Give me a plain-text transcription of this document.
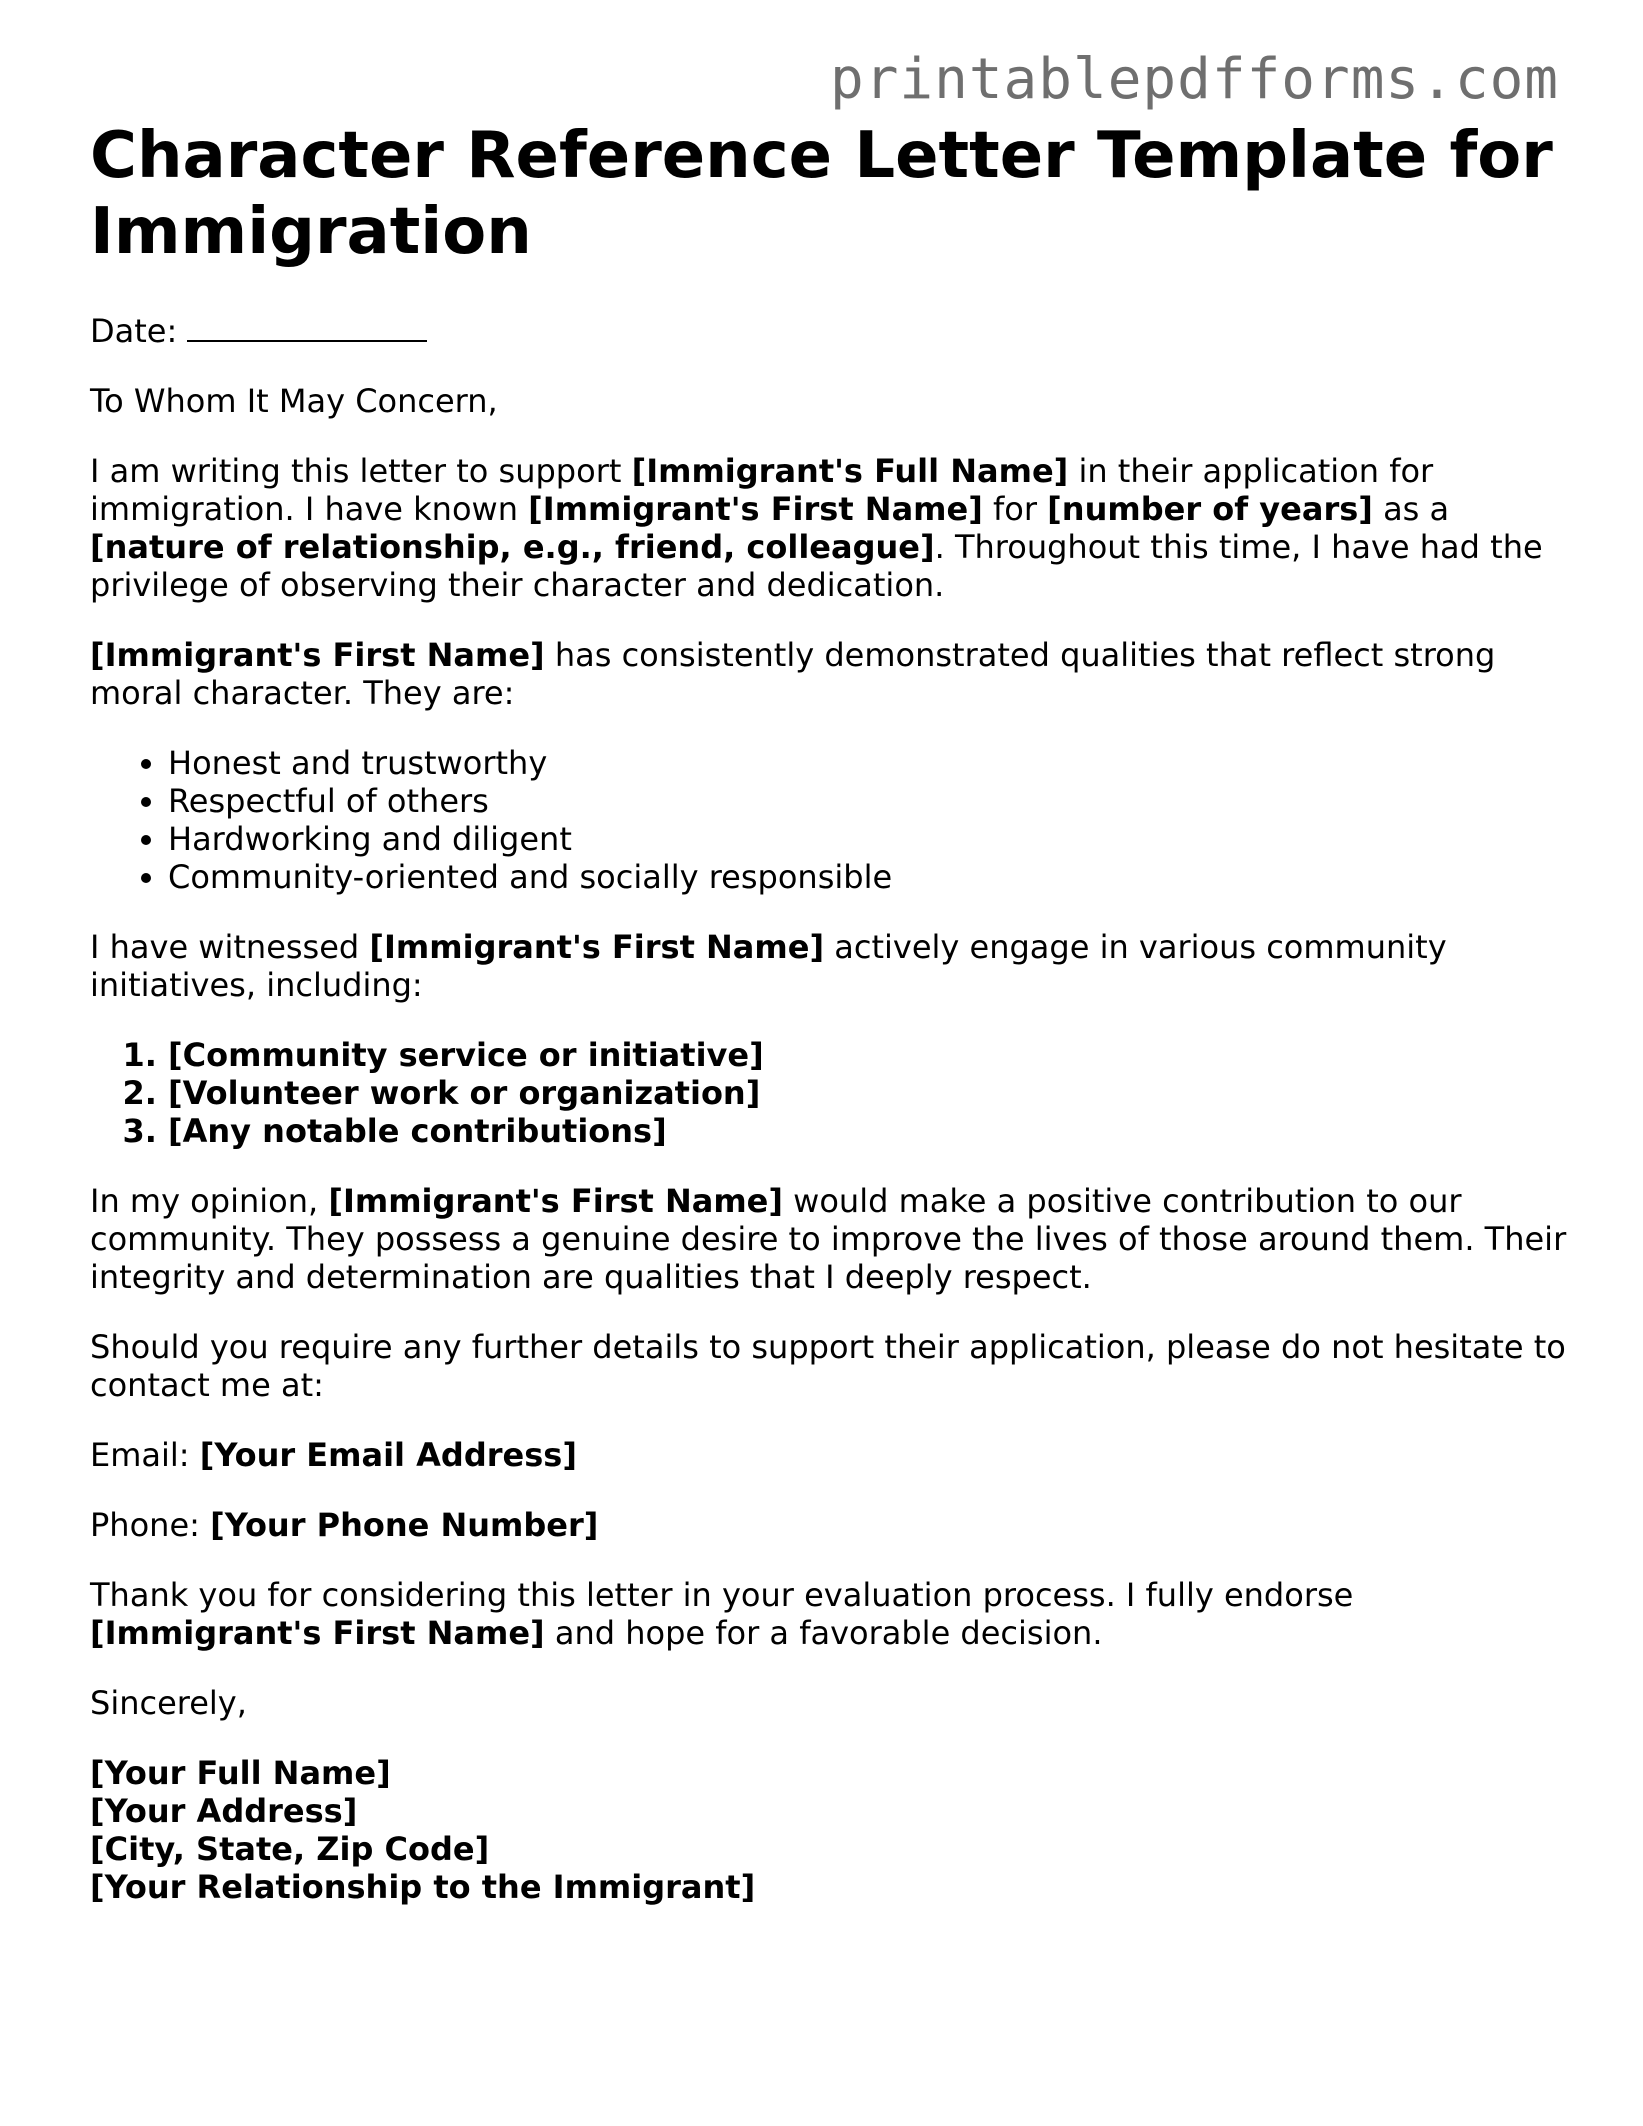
printablepdfforms.com
Character Reference Letter Template for Immigration

Date:

To Whom It May Concern,

I am writing this letter to support [Immigrant's Full Name] in their application for immigration. I have known [Immigrant's First Name] for [number of years] as a [nature of relationship, e.g., friend, colleague]. Throughout this time, I have had the privilege of observing their character and dedication.

[Immigrant's First Name] has consistently demonstrated qualities that reflect strong moral character. They are:

• Honest and trustworthy
• Respectful of others
• Hardworking and diligent
• Community-oriented and socially responsible

I have witnessed [Immigrant's First Name] actively engage in various community initiatives, including:

1. [Community service or initiative]
2. [Volunteer work or organization]
3. [Any notable contributions]

In my opinion, [Immigrant's First Name] would make a positive contribution to our community. They possess a genuine desire to improve the lives of those around them. Their integrity and determination are qualities that I deeply respect.

Should you require any further details to support their application, please do not hesitate to contact me at:

Email: [Your Email Address]

Phone: [Your Phone Number]

Thank you for considering this letter in your evaluation process. I fully endorse [Immigrant's First Name] and hope for a favorable decision.

Sincerely,

[Your Full Name]
[Your Address]
[City, State, Zip Code]
[Your Relationship to the Immigrant]
